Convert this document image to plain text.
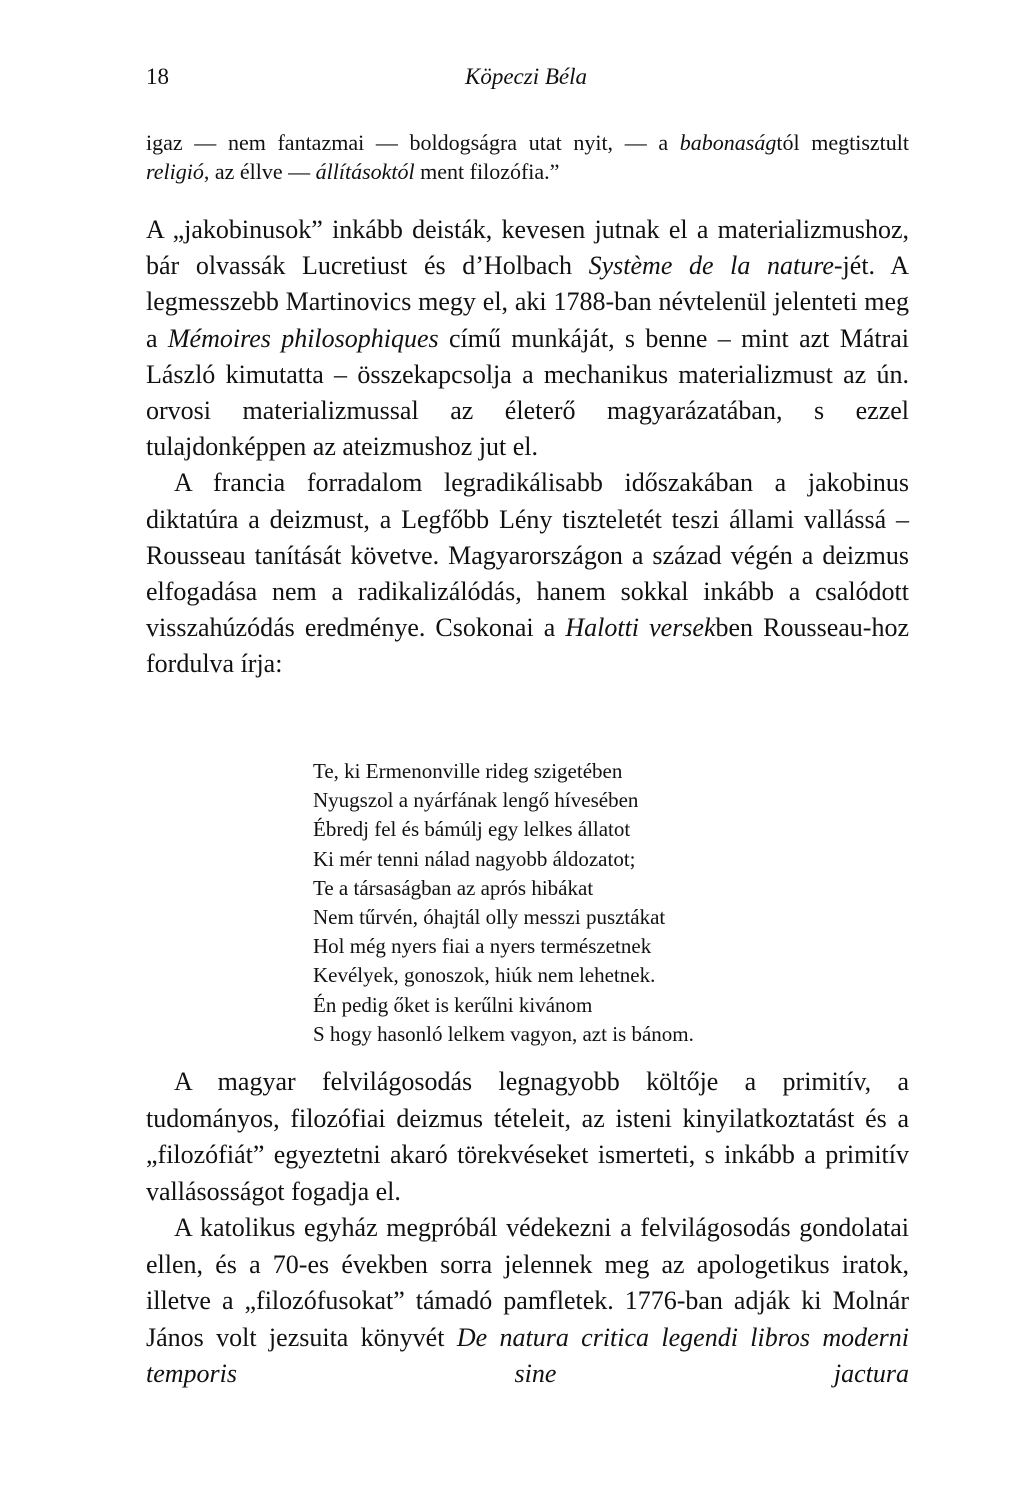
18	Köpeczi Béla

igaz — nem fantazmai — boldogságra utat nyit, — a babonaságtól megtisztult religió, az éllve — állításoktól ment filozófia.”

A „jakobinusok” inkább deisták, kevesen jutnak el a materializmushoz, bár olvassák Lucretiust és d’Holbach Système de la nature-jét. A legmesszebb Martinovics megy el, aki 1788-ban névtelenül jelenteti meg a Mémoires philosophiques című munkáját, s benne – mint azt Mátrai László kimutatta – összekapcsolja a mechanikus materializmust az ún. orvosi materializmussal az életerő magyarázatában, s ezzel tulajdonképpen az ateizmushoz jut el.

A francia forradalom legradikálisabb időszakában a jakobinus diktatúra a deizmust, a Legfőbb Lény tiszteletét teszi állami vallássá – Rousseau tanítását követve. Magyarországon a század végén a deizmus elfogadása nem a radikalizálódás, hanem sokkal inkább a csalódott visszahúzódás eredménye. Csokonai a Halotti versekben Rousseau-hoz fordulva írja:

Te, ki Ermenonville rideg szigetében
Nyugszol a nyárfának lengő hívesében
Ébredj fel és bámúlj egy lelkes állatot
Ki mér tenni nálad nagyobb áldozatot;
Te a társaságban az aprós hibákat
Nem tűrvén, óhajtál olly messzi pusztákat
Hol még nyers fiai a nyers természetnek
Kevélyek, gonoszok, hiúk nem lehetnek.
Én pedig őket is kerűlni kivánom
S hogy hasonló lelkem vagyon, azt is bánom.

A magyar felvilágosodás legnagyobb költője a primitív, a tudományos, filozófiai deizmus tételeit, az isteni kinyilatkoztatást és a „filozófiát” egyeztetni akaró törekvéseket ismerteti, s inkább a primitív vallásosságot fogadja el.

A katolikus egyház megpróbál védekezni a felvilágosodás gondolatai ellen, és a 70-es években sorra jelennek meg az apologetikus iratok, illetve a „filozófusokat” támadó pamfletek. 1776-ban adják ki Molnár János volt jezsuita könyvét De natura critica legendi libros moderni temporis sine jactura
